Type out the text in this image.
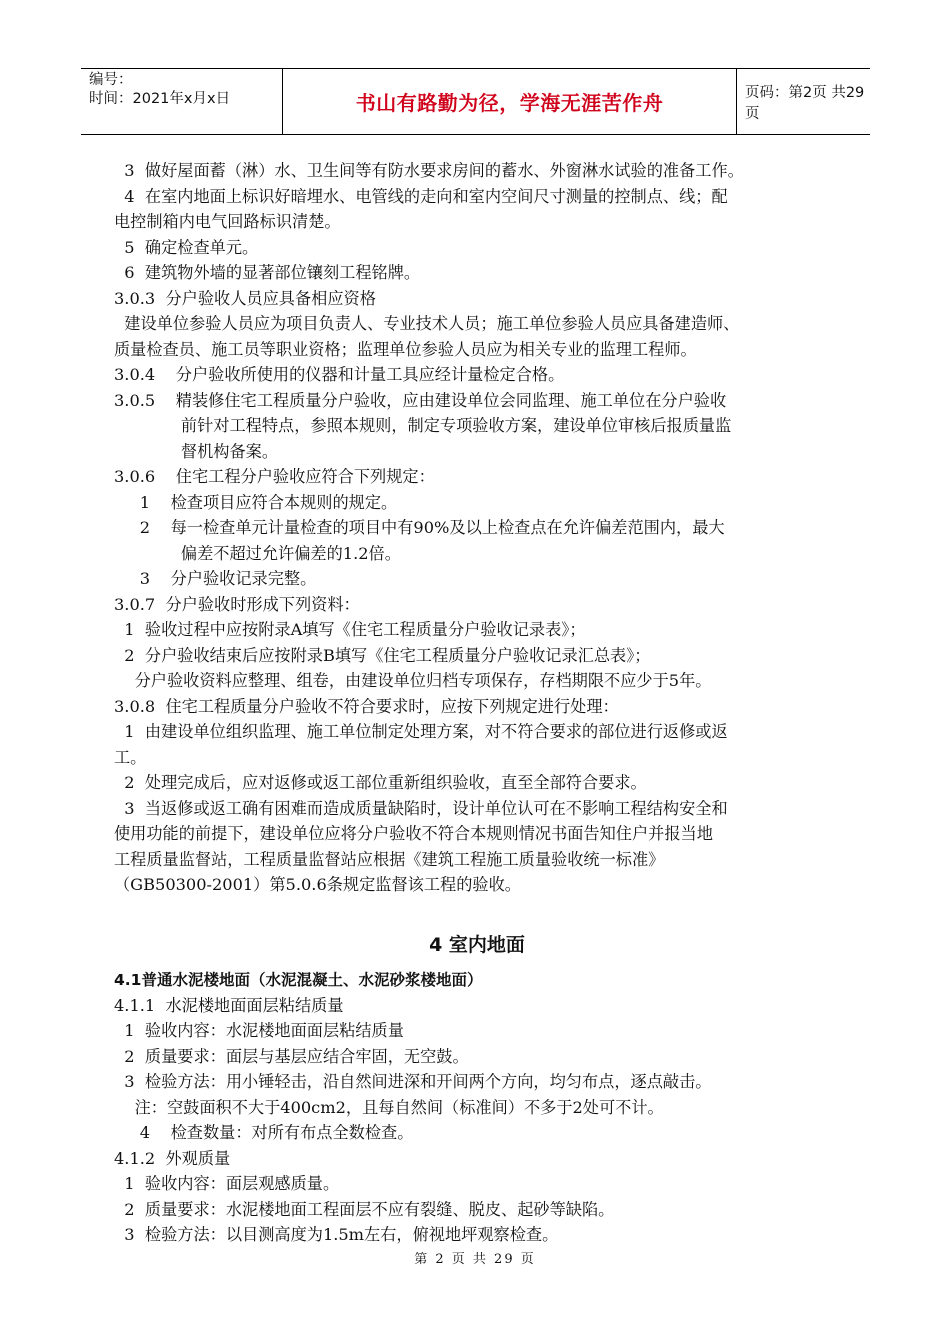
编号：
时间：2021年x月x日	书山有路勤为径，学海无涯苦作舟	页码：第2页 共29页
3  做好屋面蓄（淋）水、卫生间等有防水要求房间的蓄水、外窗淋水试验的准备工作。
4  在室内地面上标识好暗埋水、电管线的走向和室内空间尺寸测量的控制点、线；配
电控制箱内电气回路标识清楚。
5  确定检查单元。
6  建筑物外墙的显著部位镶刻工程铭牌。
3.0.3  分户验收人员应具备相应资格
建设单位参验人员应为项目负责人、专业技术人员；施工单位参验人员应具备建造师、
质量检查员、施工员等职业资格；监理单位参验人员应为相关专业的监理工程师。
3.0.4    分户验收所使用的仪器和计量工具应经计量检定合格。
3.0.5    精装修住宅工程质量分户验收，应由建设单位会同监理、施工单位在分户验收
前针对工程特点，参照本规则，制定专项验收方案，建设单位审核后报质量监
督机构备案。
3.0.6    住宅工程分户验收应符合下列规定：
1    检查项目应符合本规则的规定。
2    每一检查单元计量检查的项目中有90%及以上检查点在允许偏差范围内，最大
偏差不超过允许偏差的1.2倍。
3    分户验收记录完整。
3.0.7  分户验收时形成下列资料：
1  验收过程中应按附录A填写《住宅工程质量分户验收记录表》；
2  分户验收结束后应按附录B填写《住宅工程质量分户验收记录汇总表》；
分户验收资料应整理、组卷，由建设单位归档专项保存，存档期限不应少于5年。
3.0.8  住宅工程质量分户验收不符合要求时，应按下列规定进行处理：
1  由建设单位组织监理、施工单位制定处理方案，对不符合要求的部位进行返修或返
工。
2  处理完成后，应对返修或返工部位重新组织验收，直至全部符合要求。
3  当返修或返工确有困难而造成质量缺陷时，设计单位认可在不影响工程结构安全和
使用功能的前提下，建设单位应将分户验收不符合本规则情况书面告知住户并报当地
工程质量监督站，工程质量监督站应根据《建筑工程施工质量验收统一标准》
（GB50300-2001）第5.0.6条规定监督该工程的验收。
4 室内地面
4.1普通水泥楼地面（水泥混凝土、水泥砂浆楼地面）
4.1.1  水泥楼地面面层粘结质量
1  验收内容：水泥楼地面面层粘结质量
2  质量要求：面层与基层应结合牢固，无空鼓。
3  检验方法：用小锤轻击，沿自然间进深和开间两个方向，均匀布点，逐点敲击。
注：空鼓面积不大于400cm2，且每自然间（标准间）不多于2处可不计。
4    检查数量：对所有布点全数检查。
4.1.2  外观质量
1  验收内容：面层观感质量。
2  质量要求：水泥楼地面工程面层不应有裂缝、脱皮、起砂等缺陷。
3  检验方法：以目测高度为1.5m左右，俯视地坪观察检查。
第 2 页 共 29 页
